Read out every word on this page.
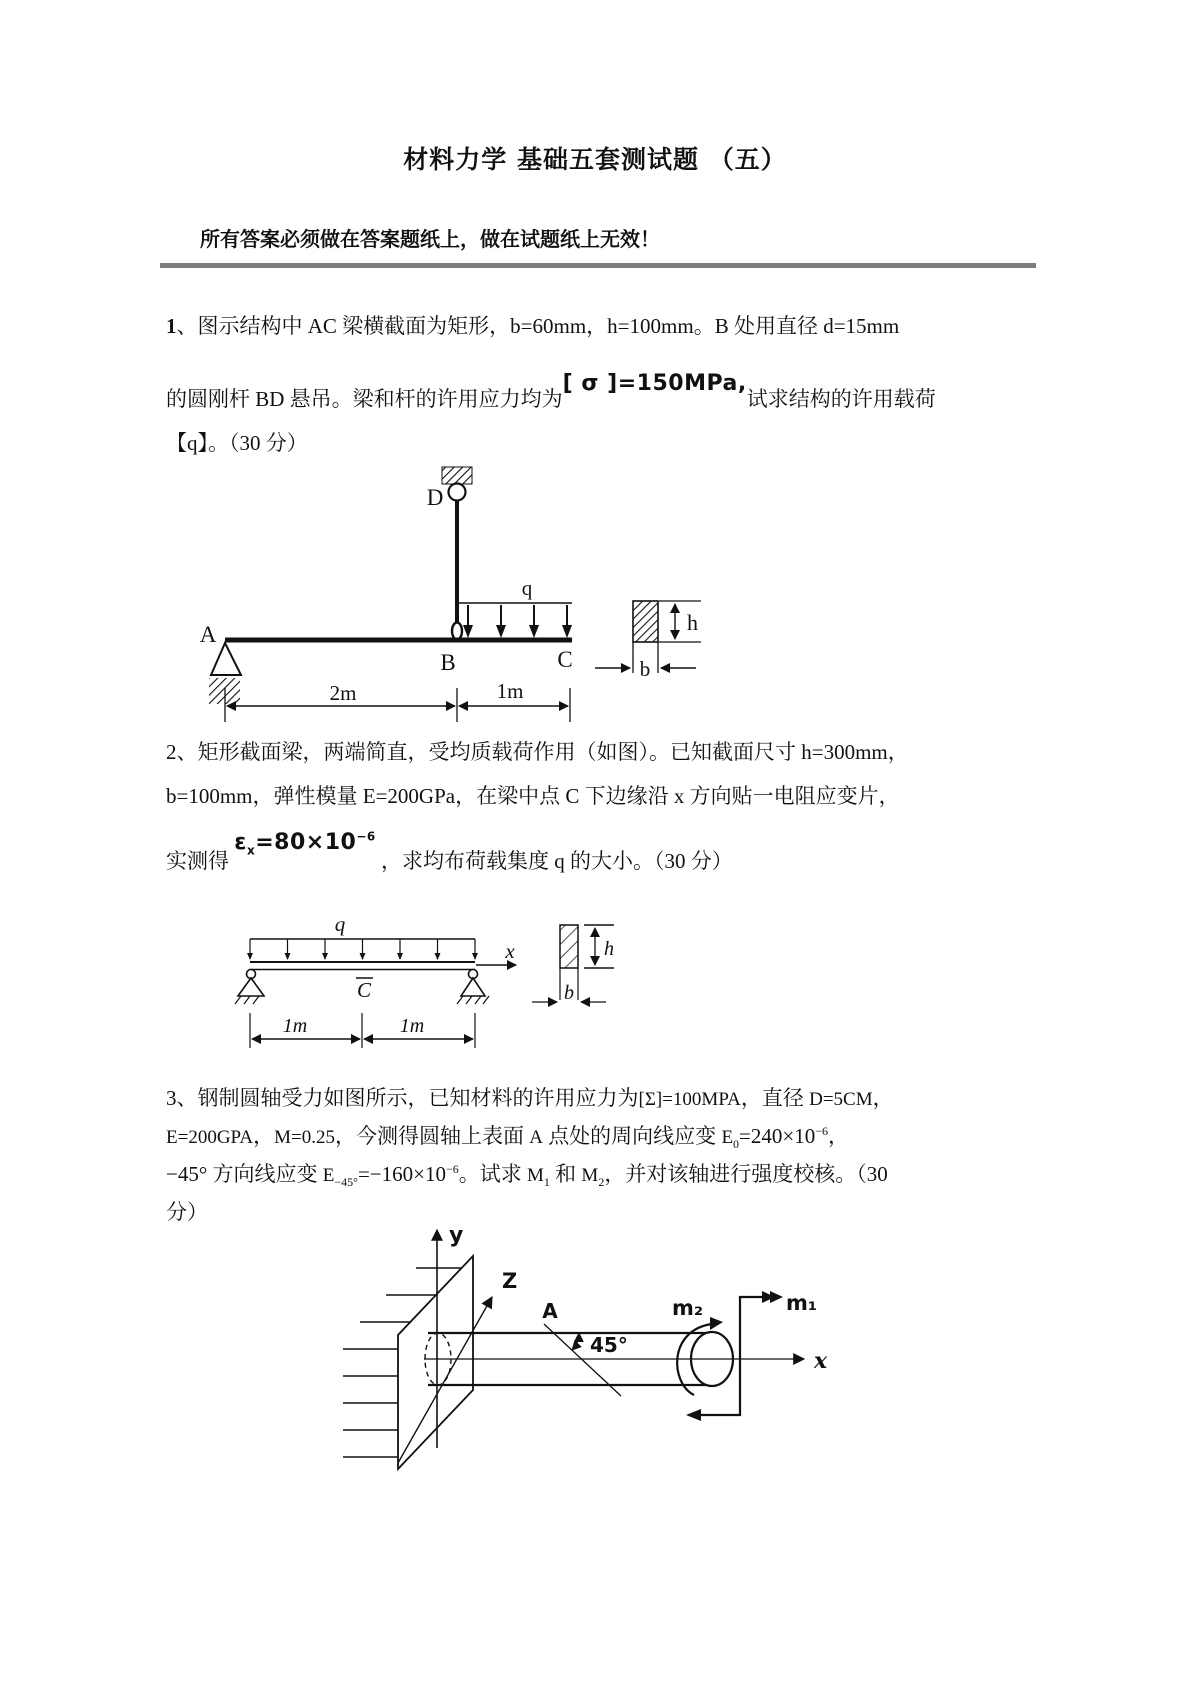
材料力学 基础五套测试题 （五）
所有答案必须做在答案题纸上，做在试题纸上无效！
1、图示结构中 AC 梁横截面为矩形，b=60mm，h=100mm。B 处用直径 d=15mm
的圆刚杆 BD 悬吊。梁和杆的许用应力均为[ σ ]=150MPa,试求结构的许用载荷
【q】。（30 分）
D
q
A
B	C
2m	1m
h
b
2、矩形截面梁，两端简直，受均质载荷作用（如图）。已知截面尺寸 h=300mm，
b=100mm，弹性模量 E=200GPa，在梁中点 C 下边缘沿 x 方向贴一电阻应变片，
实测得 $\varepsilon_x=80\times 10^{-6}$ ，求均布荷载集度 q 的大小。（30 分）
q
x
C
1m	1m
h
b
3、钢制圆轴受力如图所示，已知材料的许用应力为[Σ]=100MPA，直径 D=5CM，
E=200GPA，M=0.25，今测得圆轴上表面 A 点处的周向线应变 $E_0=240\times 10^{-6}$，
−45° 方向线应变 $E_{-45^\circ}=-160\times 10^{-6}$。试求 $M_1$ 和 $M_2$，并对该轴进行强度校核。（30
分）
y
Z
x
A
45°
m₂	m₁
